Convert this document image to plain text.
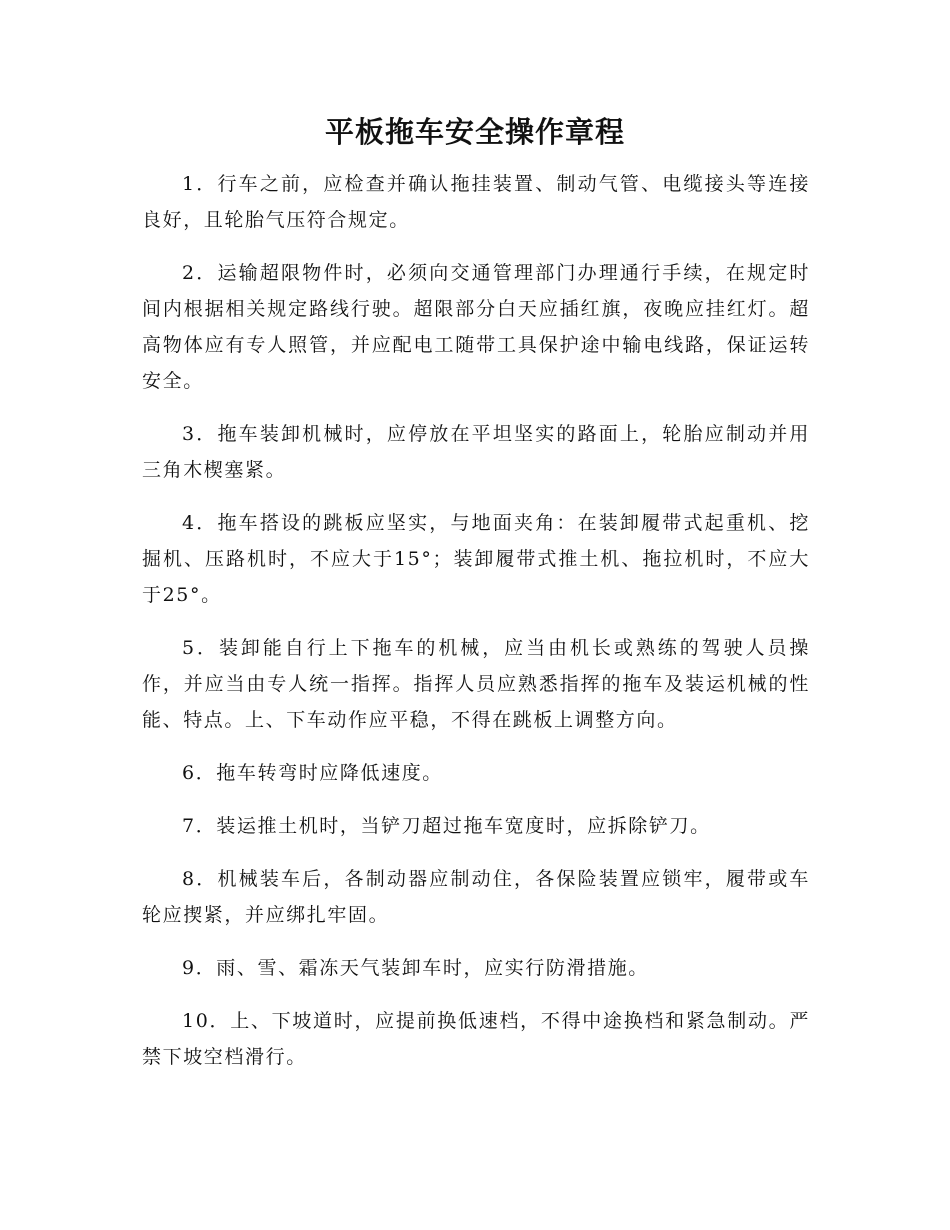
平板拖车安全操作章程

1．行车之前，应检查并确认拖挂装置、制动气管、电缆接头等连接良好，且轮胎气压符合规定。

2．运输超限物件时，必须向交通管理部门办理通行手续，在规定时间内根据相关规定路线行驶。超限部分白天应插红旗，夜晚应挂红灯。超高物体应有专人照管，并应配电工随带工具保护途中输电线路，保证运转安全。

3．拖车装卸机械时，应停放在平坦坚实的路面上，轮胎应制动并用三角木楔塞紧。

4．拖车搭设的跳板应坚实，与地面夹角：在装卸履带式起重机、挖掘机、压路机时，不应大于15°；装卸履带式推土机、拖拉机时，不应大于25°。

5．装卸能自行上下拖车的机械，应当由机长或熟练的驾驶人员操作，并应当由专人统一指挥。指挥人员应熟悉指挥的拖车及装运机械的性能、特点。上、下车动作应平稳，不得在跳板上调整方向。

6．拖车转弯时应降低速度。

7．装运推土机时，当铲刀超过拖车宽度时，应拆除铲刀。

8．机械装车后，各制动器应制动住，各保险装置应锁牢，履带或车轮应揳紧，并应绑扎牢固。

9．雨、雪、霜冻天气装卸车时，应实行防滑措施。

10．上、下坡道时，应提前换低速档，不得中途换档和紧急制动。严禁下坡空档滑行。
